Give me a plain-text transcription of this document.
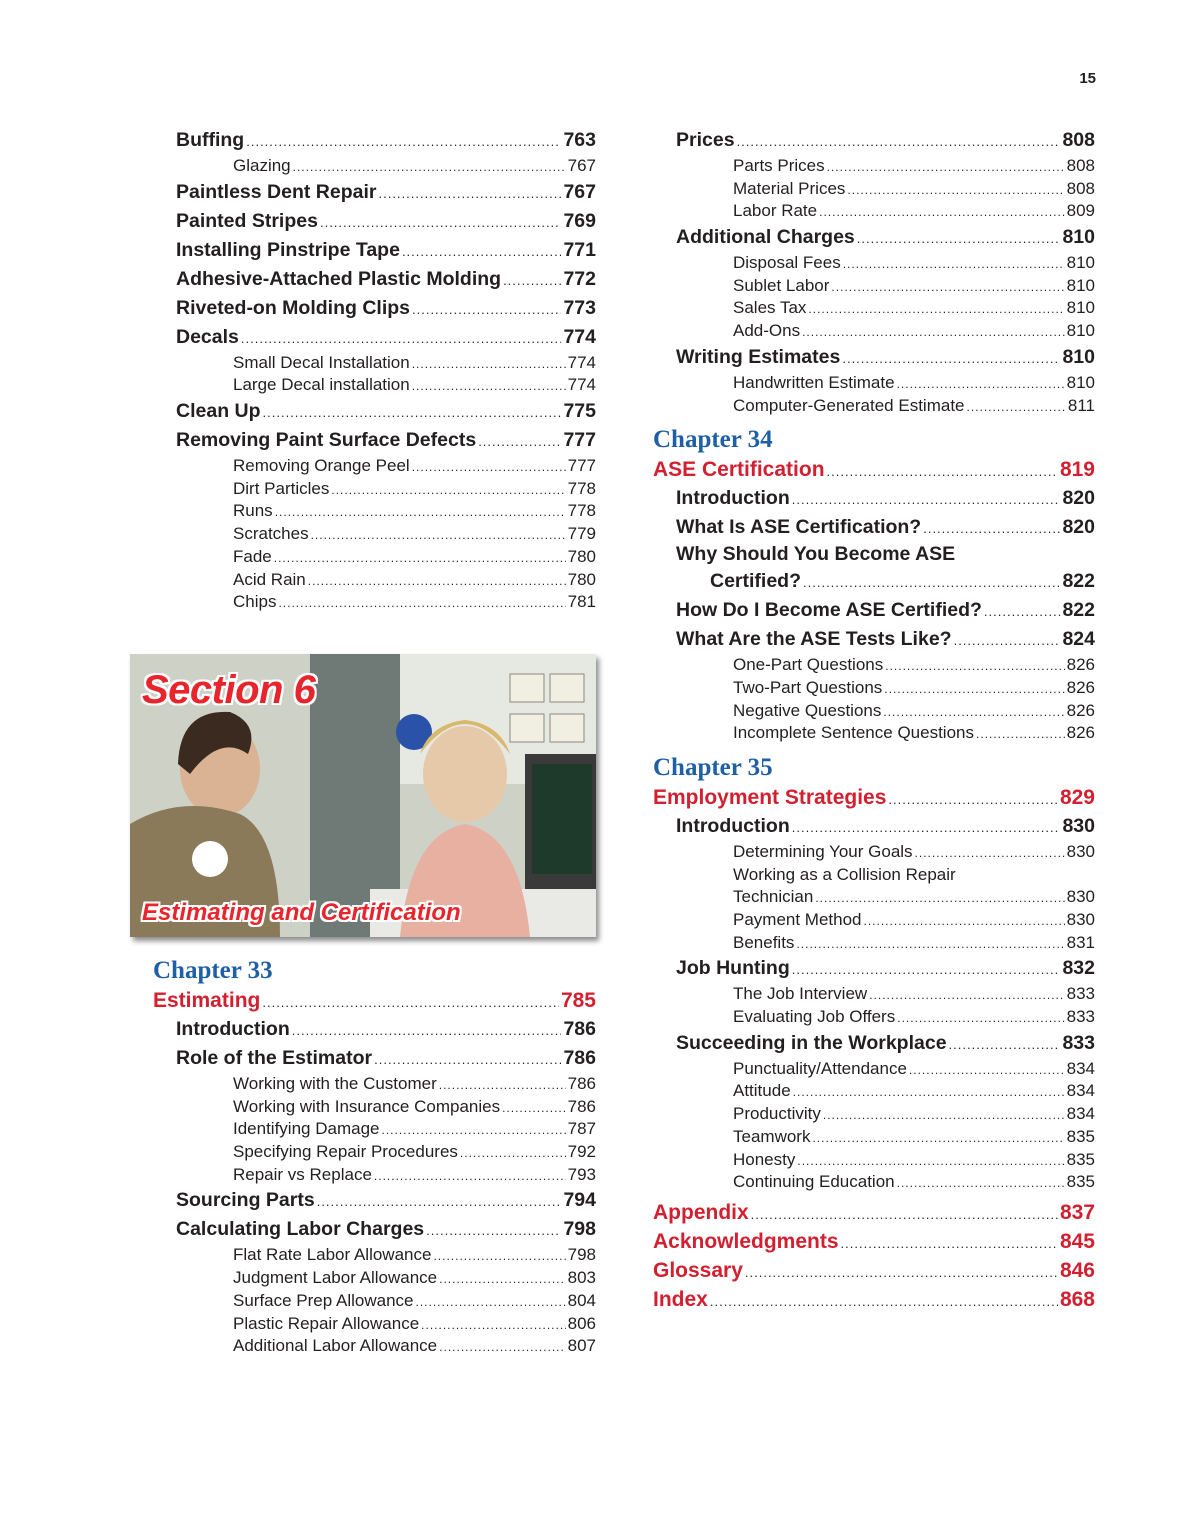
15
Buffing .....	763
Glazing .....	767
Paintless Dent Repair .....	767
Painted Stripes .....	769
Installing Pinstripe Tape .....	771
Adhesive-Attached Plastic Molding .....	772
Riveted-on Molding Clips .....	773
Decals .....	774
Small Decal Installation .....	774
Large Decal installation .....	774
Clean Up .....	775
Removing Paint Surface Defects .....	777
Removing Orange Peel .....	777
Dirt Particles .....	778
Runs .....	778
Scratches .....	779
Fade .....	780
Acid Rain .....	780
Chips .....	781
Section 6
Estimating and Certification
Chapter 33
Estimating .....	785
Introduction .....	786
Role of the Estimator .....	786
Working with the Customer .....	786
Working with Insurance Companies .....	786
Identifying Damage .....	787
Specifying Repair Procedures .....	792
Repair vs Replace .....	793
Sourcing Parts .....	794
Calculating Labor Charges .....	798
Flat Rate Labor Allowance .....	798
Judgment Labor Allowance .....	803
Surface Prep Allowance .....	804
Plastic Repair Allowance .....	806
Additional Labor Allowance .....	807
Prices .....	808
Parts Prices .....	808
Material Prices .....	808
Labor Rate .....	809
Additional Charges .....	810
Disposal Fees .....	810
Sublet Labor .....	810
Sales Tax .....	810
Add-Ons .....	810
Writing Estimates .....	810
Handwritten Estimate .....	810
Computer-Generated Estimate .....	811
Chapter 34
ASE Certification .....	819
Introduction .....	820
What Is ASE Certification? .....	820
Why Should You Become ASE
Certified? .....	822
How Do I Become ASE Certified? .....	822
What Are the ASE Tests Like? .....	824
One-Part Questions .....	826
Two-Part Questions .....	826
Negative Questions .....	826
Incomplete Sentence Questions .....	826
Chapter 35
Employment Strategies .....	829
Introduction .....	830
Determining Your Goals .....	830
Working as a Collision Repair
Technician .....	830
Payment Method .....	830
Benefits .....	831
Job Hunting .....	832
The Job Interview .....	833
Evaluating Job Offers .....	833
Succeeding in the Workplace .....	833
Punctuality/Attendance .....	834
Attitude .....	834
Productivity .....	834
Teamwork .....	835
Honesty .....	835
Continuing Education .....	835
Appendix .....	837
Acknowledgments .....	845
Glossary .....	846
Index .....	868
